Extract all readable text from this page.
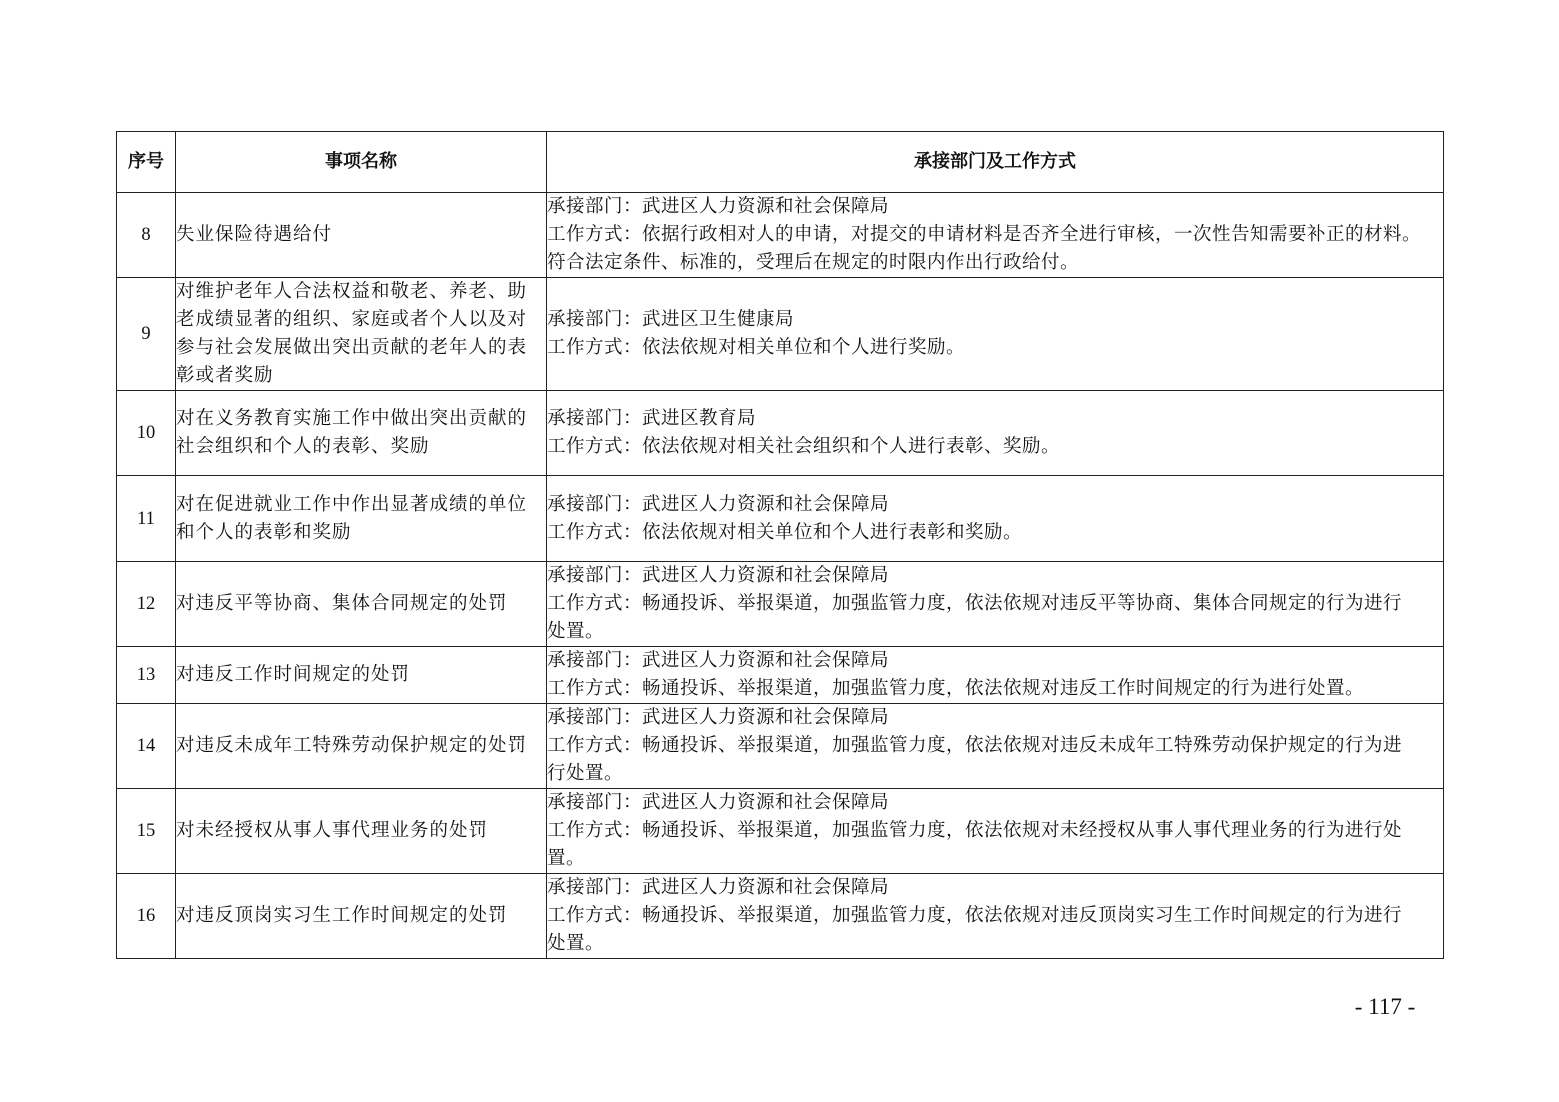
序号	事项名称	承接部门及工作方式
8	失业保险待遇给付	承接部门：武进区人力资源和社会保障局
工作方式：依据行政相对人的申请，对提交的申请材料是否齐全进行审核，一次性告知需要补正的材料。
符合法定条件、标准的，受理后在规定的时限内作出行政给付。

9	对维护老年人合法权益和敬老、养老、助
老成绩显著的组织、家庭或者个人以及对
参与社会发展做出突出贡献的老年人的表
彰或者奖励	承接部门：武进区卫生健康局
工作方式：依法依规对相关单位和个人进行奖励。

10	对在义务教育实施工作中做出突出贡献的
社会组织和个人的表彰、奖励	承接部门：武进区教育局
工作方式：依法依规对相关社会组织和个人进行表彰、奖励。

11	对在促进就业工作中作出显著成绩的单位
和个人的表彰和奖励	承接部门：武进区人力资源和社会保障局
工作方式：依法依规对相关单位和个人进行表彰和奖励。

12	对违反平等协商、集体合同规定的处罚	承接部门：武进区人力资源和社会保障局
工作方式：畅通投诉、举报渠道，加强监管力度，依法依规对违反平等协商、集体合同规定的行为进行
处置。

13	对违反工作时间规定的处罚	承接部门：武进区人力资源和社会保障局
工作方式：畅通投诉、举报渠道，加强监管力度，依法依规对违反工作时间规定的行为进行处置。

14	对违反未成年工特殊劳动保护规定的处罚	承接部门：武进区人力资源和社会保障局
工作方式：畅通投诉、举报渠道，加强监管力度，依法依规对违反未成年工特殊劳动保护规定的行为进
行处置。

15	对未经授权从事人事代理业务的处罚	承接部门：武进区人力资源和社会保障局
工作方式：畅通投诉、举报渠道，加强监管力度，依法依规对未经授权从事人事代理业务的行为进行处
置。

16	对违反顶岗实习生工作时间规定的处罚	承接部门：武进区人力资源和社会保障局
工作方式：畅通投诉、举报渠道，加强监管力度，依法依规对违反顶岗实习生工作时间规定的行为进行
处置。
- 117 -
